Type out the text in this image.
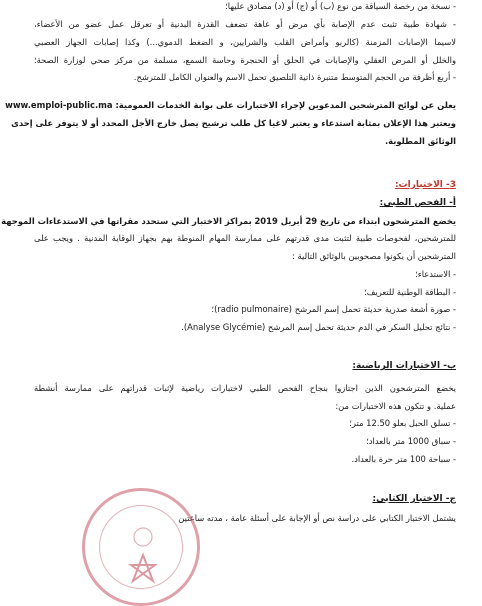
- نسخة من رخصة السياقة من نوع (ب) أو (ج) أو (د) مصادق عليها؛
- شهادة طبية تثبت عدم الإصابة بأي مرض أو عاهة تضعف القدرة البدنية أو تعرقل عمل عضو من الأعضاء،
لاسيما الإصابات المزمنة (كالربو وأمراض القلب والشرايين، و الضغط الدموي...) وكذا إصابات الجهاز العصبي
والخلل أو المرض العقلي والإصابات في الحلق أو الحنجرة وحاسة السمع، مسلمة من مركز صحي لوزارة الصحة؛
- أربع أظرفة من الحجم المتوسط متنبرة ذاتية التلصيق تحمل الاسم والعنوان الكامل للمترشح.
يعلن عن لوائح المترشحين المدعوين لإجراء الاختبارات على بوابة الخدمات العمومية: www.emploi-public.ma
ويعتبر هذا الإعلان بمثابة استدعاء و يعتبر لاغيا كل طلب ترشيح يصل خارج الأجل المحدد أو لا يتوفر على إحدى
الوثائق المطلوبة.
3- الاختبارات:
أ- الفحص الطبي:
يخضع المترشحون ابتداء من تاريخ 29 أبريل 2019 بمراكز الاختبار التي ستحدد مقراتها في الاستدعاءات الموجهة
للمترشحين، لفحوصات طبية لتثبت مدى قدرتهم على ممارسة المهام المنوطة بهم بجهاز الوقاية المدنية . ويجب على
المترشحين أن يكونوا مصحوبين بالوثائق التالية :
- الاستدعاء؛
- البطاقة الوطنية للتعريف؛
- صورة أشعة صدرية حديثة تحمل إسم المرشح (radio pulmonaire)؛
- نتائج تحليل السكر في الدم حديثة تحمل إسم المرشح (Analyse Glycémie).
ب- الاختبارات الرياضية:
يخضع المترشحون الذين اجتازوا بنجاح الفحص الطبي لاختبارات رياضية لإثبات قدراتهم على ممارسة أنشطة
عملية. و تتكون هذه الاختبارات من:
- تسلق الحبل بعلو 12.50 متر؛
- سباق 1000 متر بالعداد؛
- سباحة 100 متر حرة بالعداد.
ج- الاختبار الكتابي:
يشتمل الاختبار الكتابي على دراسة نص أو الإجابة على أسئلة عامة ، مدته ساعتين
